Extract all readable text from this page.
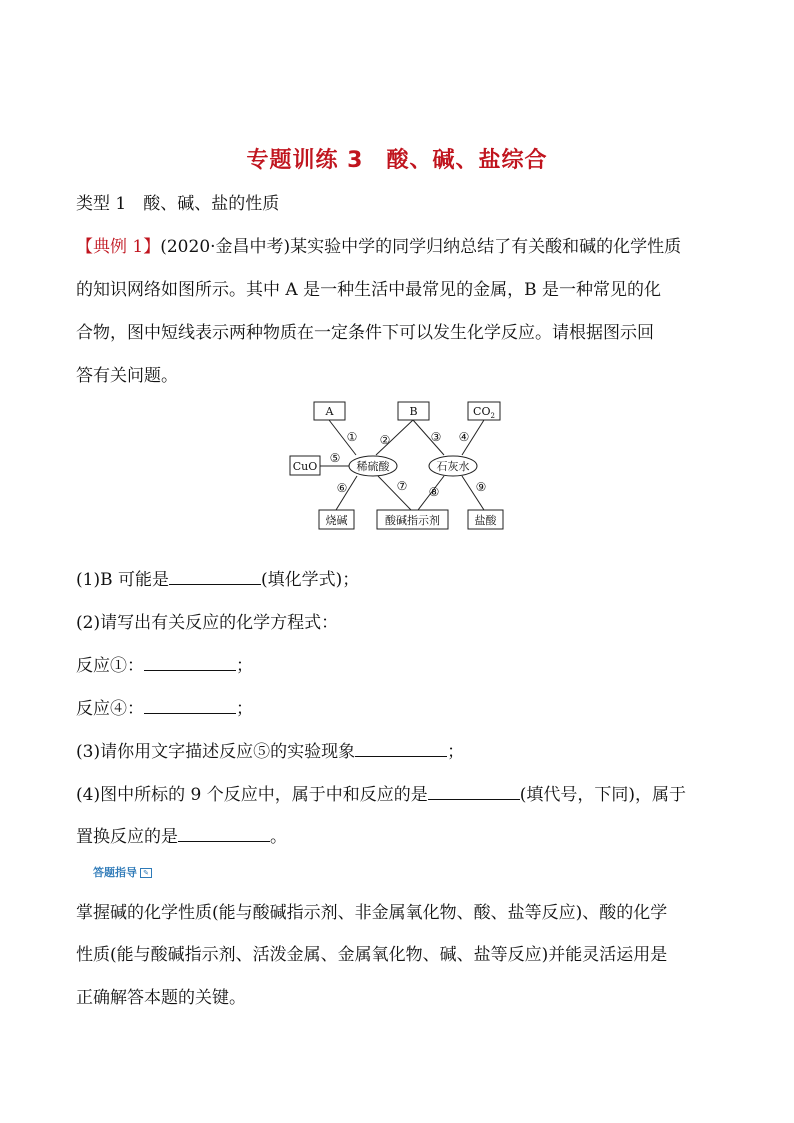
专题训练 3　酸、碱、盐综合
类型 1　酸、碱、盐的性质
【典例 1】(2020·金昌中考)某实验中学的同学归纳总结了有关酸和碱的化学性质
的知识网络如图所示。其中 A 是一种生活中最常见的金属，B 是一种常见的化
合物，图中短线表示两种物质在一定条件下可以发生化学反应。请根据图示回
答有关问题。
A	B	$CO_2$
CuO
烧碱	酸碱指示剂	盐酸
稀硫酸	石灰水
① ②	③ ④
⑤
⑥	⑦ ⑧	⑨
(1)B 可能是	(填化学式)；
(2)请写出有关反应的化学方程式：
反应①：	；
反应④：	；
(3)请你用文字描述反应⑤的实验现象	；
(4)图中所标的 9 个反应中，属于中和反应的是	(填代号，下同)，属于
置换反应的是	。
答题指导 ✎
掌握碱的化学性质(能与酸碱指示剂、非金属氧化物、酸、盐等反应)、酸的化学
性质(能与酸碱指示剂、活泼金属、金属氧化物、碱、盐等反应)并能灵活运用是
正确解答本题的关键。
